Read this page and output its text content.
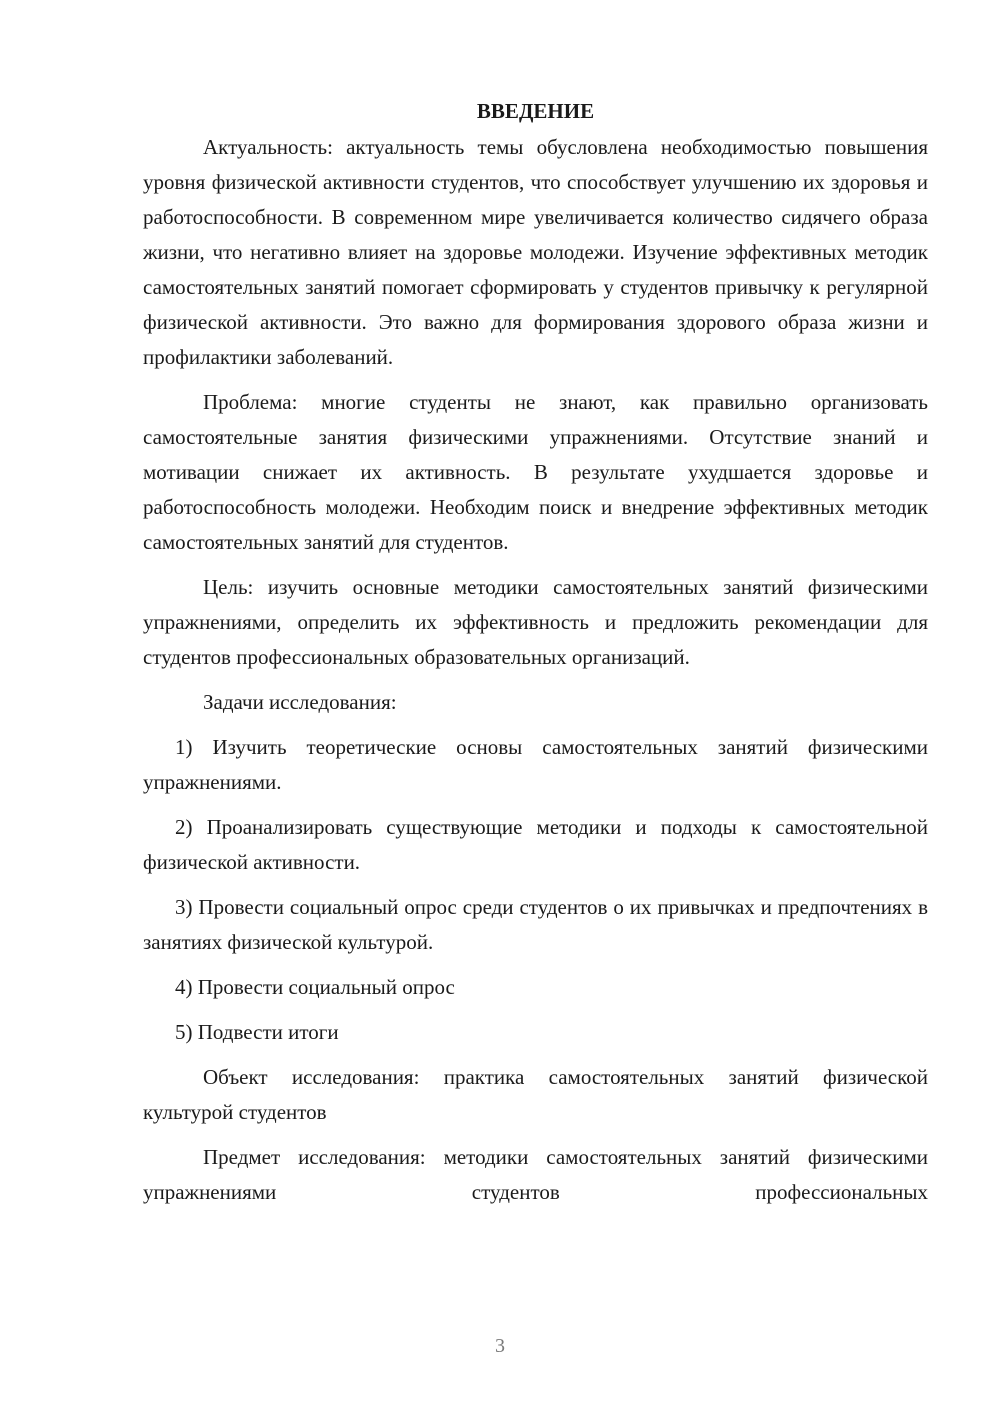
ВВЕДЕНИЕ

Актуальность: актуальность темы обусловлена необходимостью повышения уровня физической активности студентов, что способствует улучшению их здоровья и работоспособности. В современном мире увеличивается количество сидячего образа жизни, что негативно влияет на здоровье молодежи. Изучение эффективных методик самостоятельных занятий помогает сформировать у студентов привычку к регулярной физической активности. Это важно для формирования здорового образа жизни и профилактики заболеваний.

Проблема: многие студенты не знают, как правильно организовать самостоятельные занятия физическими упражнениями. Отсутствие знаний и мотивации снижает их активность. В результате ухудшается здоровье и работоспособность молодежи. Необходим поиск и внедрение эффективных методик самостоятельных занятий для студентов.

Цель: изучить основные методики самостоятельных занятий физическими упражнениями, определить их эффективность и предложить рекомендации для студентов профессиональных образовательных организаций.

Задачи исследования:

1) Изучить теоретические основы самостоятельных занятий физическими упражнениями.

2) Проанализировать существующие методики и подходы к самостоятельной физической активности.

3) Провести социальный опрос среди студентов о их привычках и предпочтениях в занятиях физической культурой.

4) Провести социальный опрос

5) Подвести итоги

Объект исследования: практика самостоятельных занятий физической культурой студентов

Предмет исследования: методики самостоятельных занятий физическими упражнениями студентов профессиональных

3
